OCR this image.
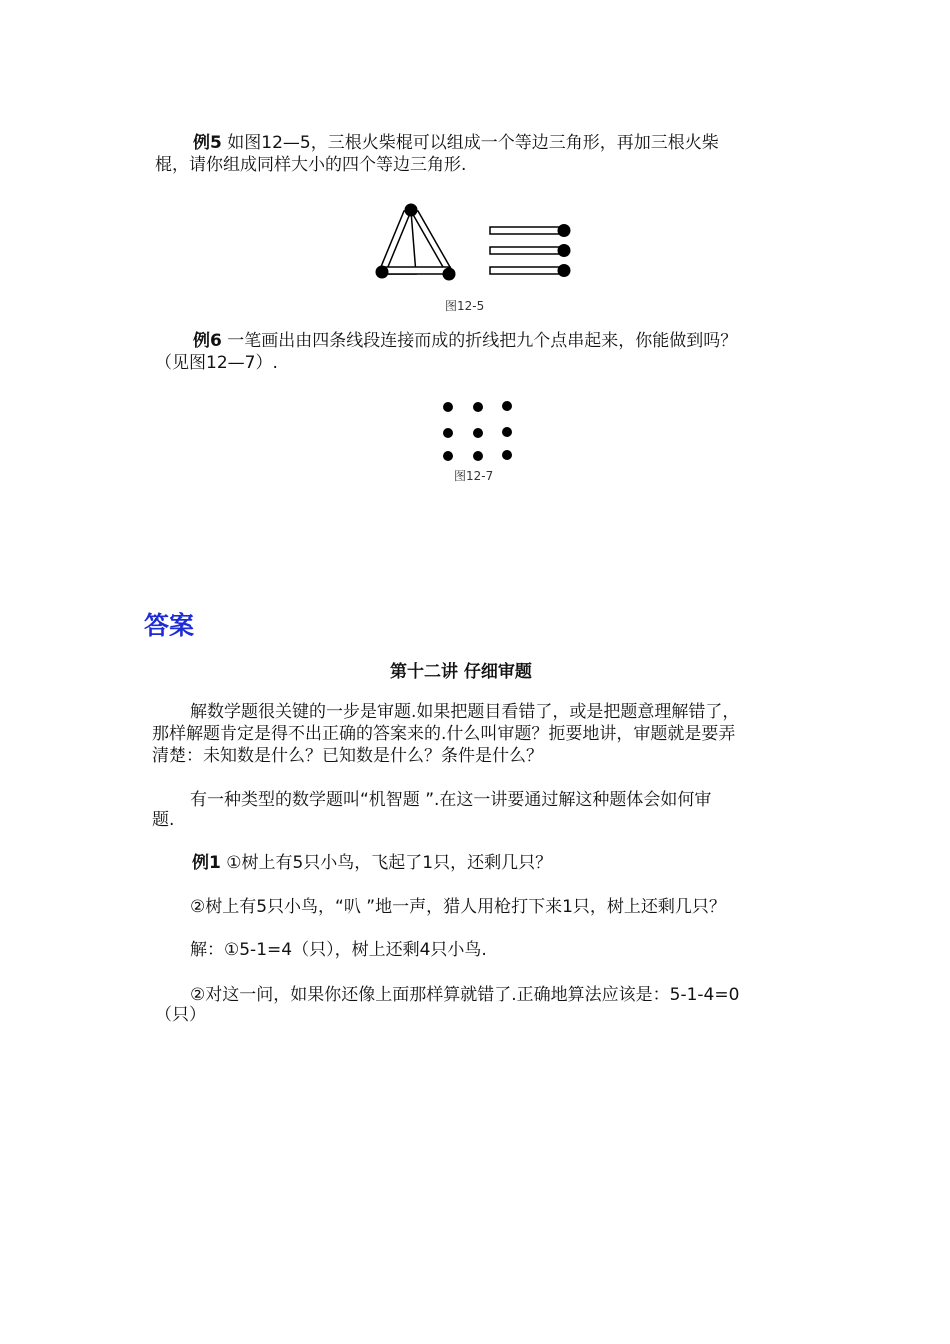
例5 如图12—5，三根火柴棍可以组成一个等边三角形，再加三根火柴
棍，请你组成同样大小的四个等边三角形.
图12-5
例6 一笔画出由四条线段连接而成的折线把九个点串起来，你能做到吗？
（见图12—7）.
图12-7
答案
第十二讲 仔细审题
解数学题很关键的一步是审题.如果把题目看错了，或是把题意理解错了，
那样解题肯定是得不出正确的答案来的.什么叫审题？扼要地讲，审题就是要弄
清楚：未知数是什么？已知数是什么？条件是什么？
有一种类型的数学题叫“机智题 ”.在这一讲要通过解这种题体会如何审
题.
例1 ①树上有5只小鸟，飞起了1只，还剩几只？
②树上有5只小鸟，“叭 ”地一声，猎人用枪打下来1只，树上还剩几只？
解：①5-1=4（只），树上还剩4只小鸟.
②对这一问，如果你还像上面那样算就错了.正确地算法应该是：5-1-4=0
（只）
